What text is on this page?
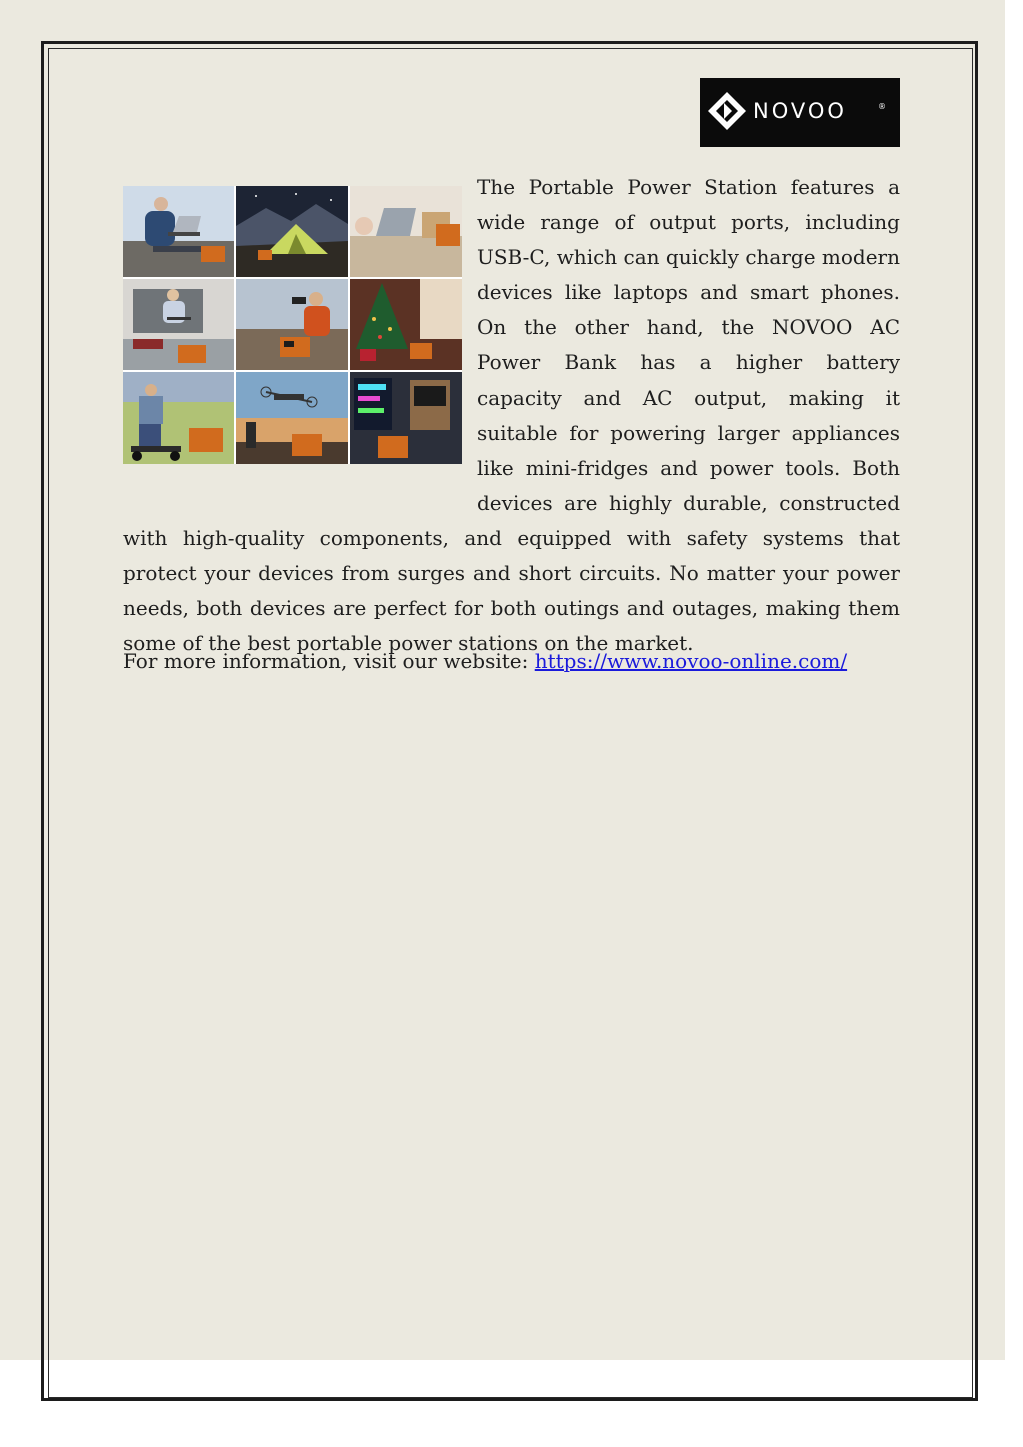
NOVOO	®

The Portable Power Station features a wide range of output ports, including USB-C, which can quickly charge modern devices like laptops and smart phones. On the other hand, the NOVOO AC Power Bank has a higher battery capacity and AC output, making it suitable for powering larger appliances like mini-fridges and power tools. Both devices are highly durable, constructed with high-quality components, and equipped with safety systems that protect your devices from surges and short circuits. No matter your power needs, both devices are perfect for both outings and outages, making them some of the best portable power stations on the market.

For more information, visit our website: https://www.novoo-online.com/
